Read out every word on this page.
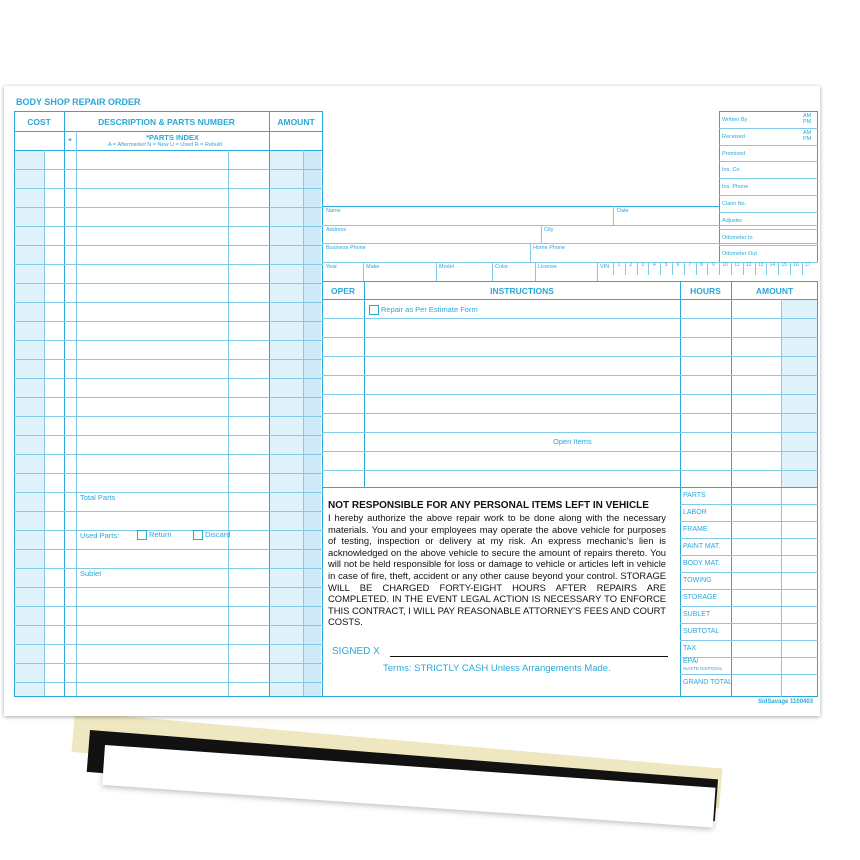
BODY SHOP REPAIR ORDER
COST	DESCRIPTION & PARTS NUMBER	AMOUNT
*	*PARTS INDEX
A = Aftermarket N = New U = Used R = Rebuilt
Total Parts
Used Parts:	Return	Discard
Sublet
Written By
AM
PM
Received
AM
PM
Promised
Ins. Co.
Ins. Phone
Claim No.
Adjuster
Odometer In
Odometer Out
Name	Date
Address	City
Business Phone	Home Phone
Year	Make	Model	Color	License	VIN	1	2	3	4	5	6	7	8	9	10	11	12	13	14	15	16	17
OPER	INSTRUCTIONS	HOURS	AMOUNT
Repair as Per Estimate Form
Open Items
PARTS
LABOR
FRAME
PAINT MAT.
BODY MAT.
TOWING
STORAGE
SUBLET
SUBTOTAL
TAX
EPA/
WASTE DISPOSAL
GRAND TOTAL
NOT RESPONSIBLE FOR ANY PERSONAL ITEMS LEFT IN VEHICLE
I hereby authorize the above repair work to be done along with the necessary materials. You and your employees may operate the above vehicle for purposes of testing, inspection or delivery at my risk. An express mechanic's lien is acknowledged on the above vehicle to secure the amount of repairs thereto. You will not be held responsible for loss or damage to vehicle or articles left in vehicle in case of fire, theft, accident or any other cause beyond your control. STORAGE WILL BE CHARGED FORTY-EIGHT HOURS AFTER REPAIRS ARE COMPLETED. IN THE EVENT LEGAL ACTION IS NECESSARY TO ENFORCE THIS CONTRACT, I WILL PAY REASONABLE ATTORNEY'S FEES AND COURT COSTS.
SIGNED X
Terms: STRICTLY CASH Unless Arrangements Made.
SidSavage 1100403
